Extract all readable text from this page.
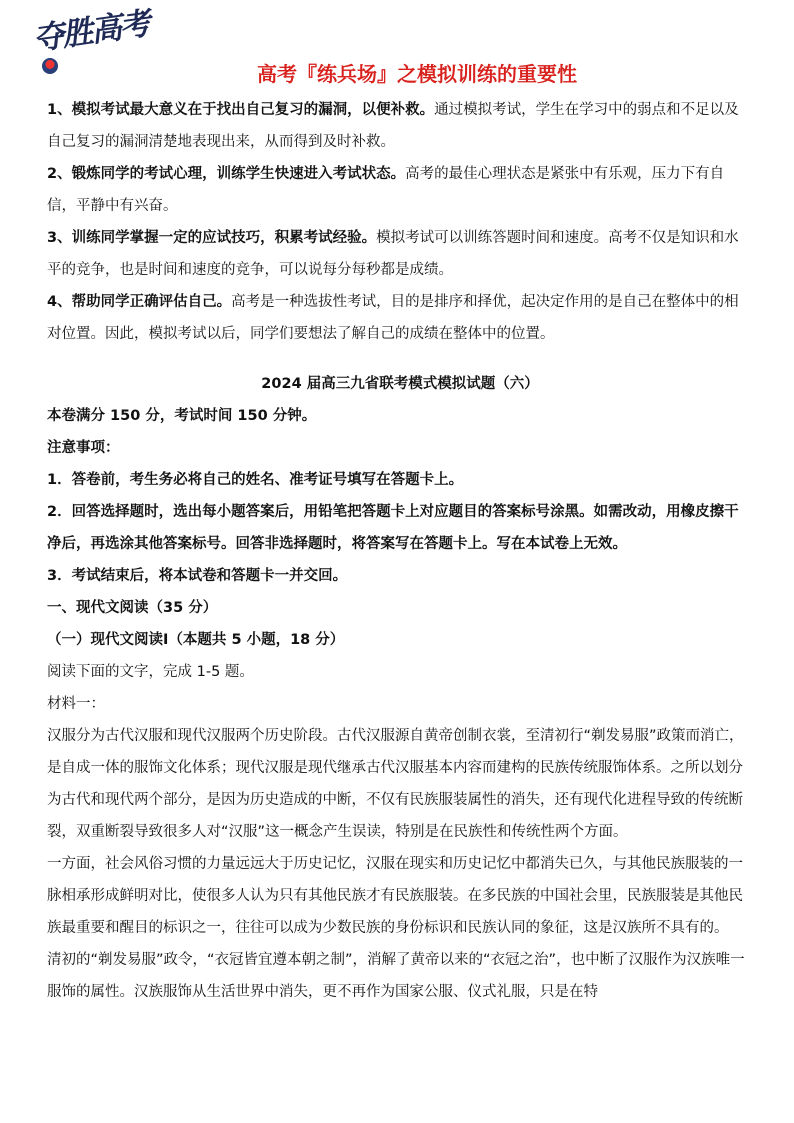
夺胜高考
高考『练兵场』之模拟训练的重要性

1、模拟考试最大意义在于找出自己复习的漏洞，以便补救。通过模拟考试，学生在学习中的弱点和不足以及自己复习的漏洞清楚地表现出来，从而得到及时补救。

2、锻炼同学的考试心理，训练学生快速进入考试状态。高考的最佳心理状态是紧张中有乐观，压力下有自信，平静中有兴奋。

3、训练同学掌握一定的应试技巧，积累考试经验。模拟考试可以训练答题时间和速度。高考不仅是知识和水平的竞争，也是时间和速度的竞争，可以说每分每秒都是成绩。

4、帮助同学正确评估自己。高考是一种选拔性考试，目的是排序和择优，起决定作用的是自己在整体中的相对位置。因此，模拟考试以后，同学们要想法了解自己的成绩在整体中的位置。

2024 届高三九省联考模式模拟试题（六）

本卷满分 150 分，考试时间 150 分钟。

注意事项：

1．答卷前，考生务必将自己的姓名、准考证号填写在答题卡上。

2．回答选择题时，选出每小题答案后，用铅笔把答题卡上对应题目的答案标号涂黑。如需改动，用橡皮擦干净后，再选涂其他答案标号。回答非选择题时，将答案写在答题卡上。写在本试卷上无效。

3．考试结束后，将本试卷和答题卡一并交回。

一、现代文阅读（35 分）

（一）现代文阅读Ⅰ（本题共 5 小题，18 分）

阅读下面的文字，完成 1-5 题。

材料一：

汉服分为古代汉服和现代汉服两个历史阶段。古代汉服源自黄帝创制衣裳，至清初行“剃发易服”政策而消亡，是自成一体的服饰文化体系；现代汉服是现代继承古代汉服基本内容而建构的民族传统服饰体系。之所以划分为古代和现代两个部分，是因为历史造成的中断，不仅有民族服装属性的消失，还有现代化进程导致的传统断裂，双重断裂导致很多人对“汉服”这一概念产生误读，特别是在民族性和传统性两个方面。

一方面，社会风俗习惯的力量远远大于历史记忆，汉服在现实和历史记忆中都消失已久，与其他民族服装的一脉相承形成鲜明对比，使很多人认为只有其他民族才有民族服装。在多民族的中国社会里，民族服装是其他民族最重要和醒目的标识之一，往往可以成为少数民族的身份标识和民族认同的象征，这是汉族所不具有的。

清初的“剃发易服”政令，“衣冠皆宜遵本朝之制”，消解了黄帝以来的“衣冠之治”，也中断了汉服作为汉族唯一服饰的属性。汉族服饰从生活世界中消失，更不再作为国家公服、仪式礼服，只是在特
